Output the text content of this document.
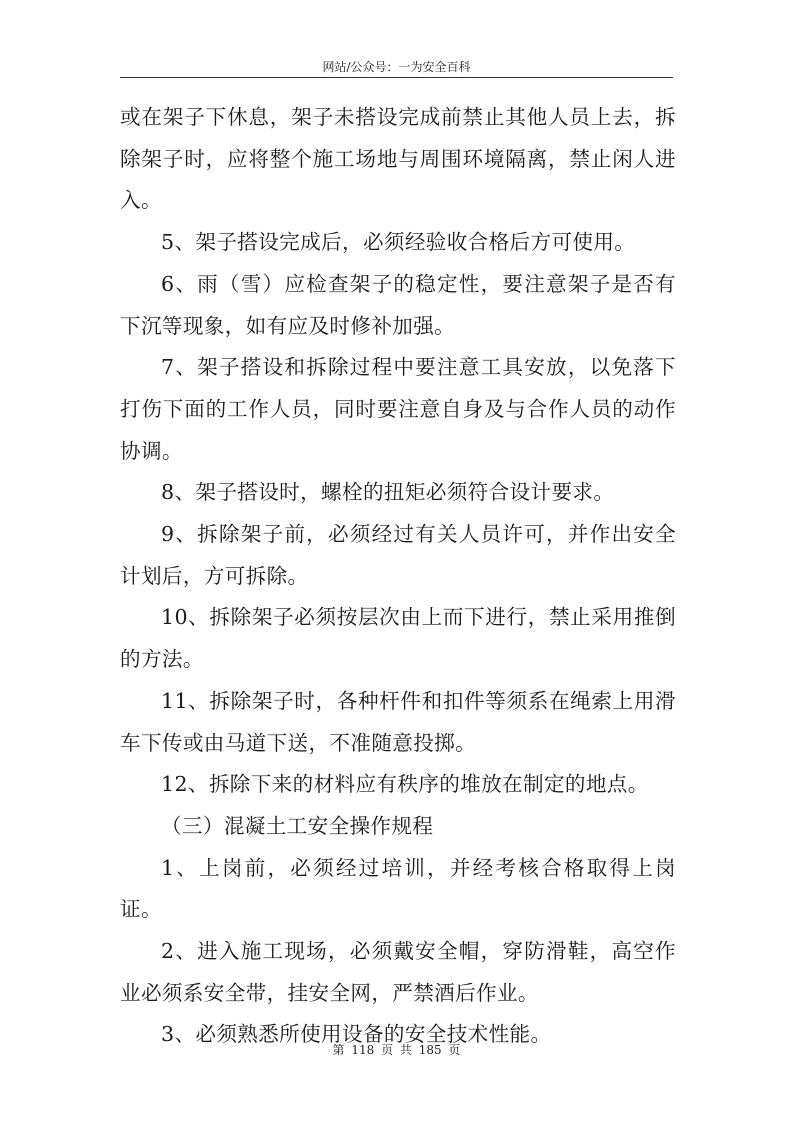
网站/公众号：一为安全百科

或在架子下休息，架子未搭设完成前禁止其他人员上去，拆除架子时，应将整个施工场地与周围环境隔离，禁止闲人进入。

5、架子搭设完成后，必须经验收合格后方可使用。

6、雨（雪）应检查架子的稳定性，要注意架子是否有下沉等现象，如有应及时修补加强。

7、架子搭设和拆除过程中要注意工具安放，以免落下打伤下面的工作人员，同时要注意自身及与合作人员的动作协调。

8、架子搭设时，螺栓的扭矩必须符合设计要求。

9、拆除架子前，必须经过有关人员许可，并作出安全计划后，方可拆除。

10、拆除架子必须按层次由上而下进行，禁止采用推倒的方法。

11、拆除架子时，各种杆件和扣件等须系在绳索上用滑车下传或由马道下送，不准随意投掷。

12、拆除下来的材料应有秩序的堆放在制定的地点。

（三）混凝土工安全操作规程

1、上岗前，必须经过培训，并经考核合格取得上岗证。

2、进入施工现场，必须戴安全帽，穿防滑鞋，高空作业必须系安全带，挂安全网，严禁酒后作业。

3、必须熟悉所使用设备的安全技术性能。

第 118 页 共 185 页
